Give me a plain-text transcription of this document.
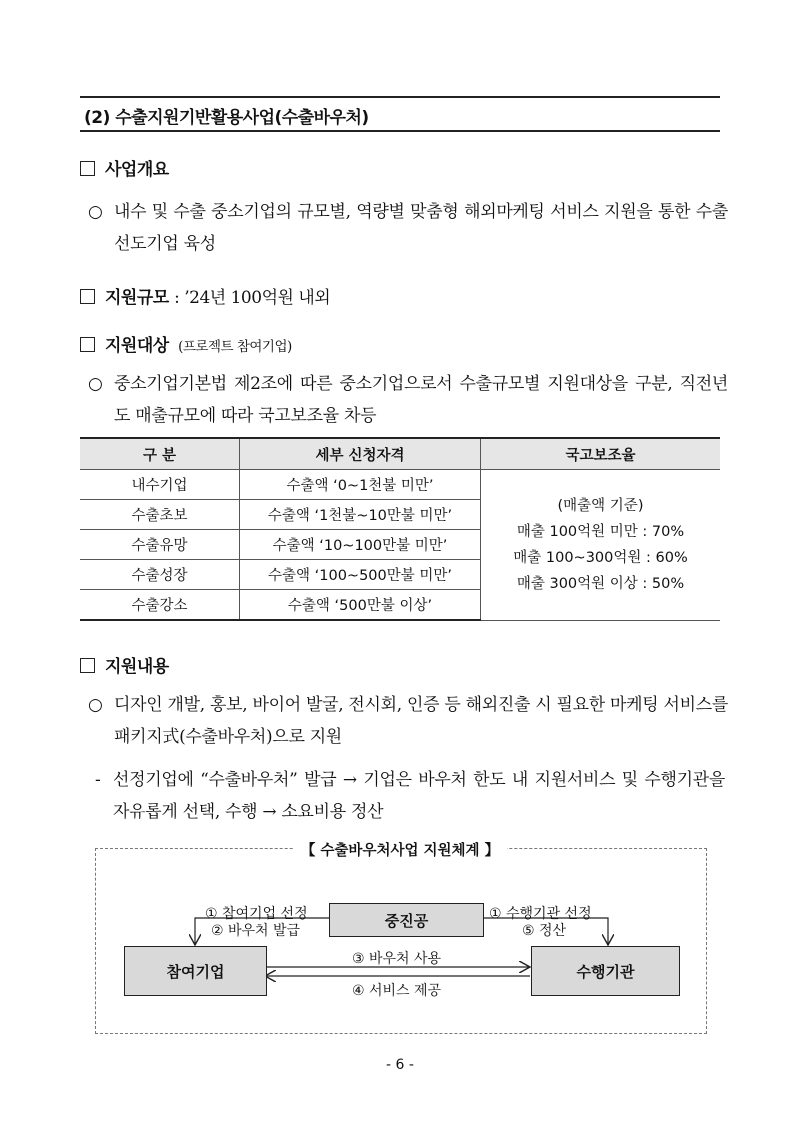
(2) 수출지원기반활용사업(수출바우처)
사업개요
○ 내수 및 수출 중소기업의 규모별, 역량별 맞춤형 해외마케팅 서비스 지원을 통한 수출 선도기업 육성
지원규모 : ’24년 100억원 내외
지원대상 (프로젝트 참여기업)
○ 중소기업기본법 제2조에 따른 중소기업으로서 수출규모별 지원대상을 구분, 직전년도 매출규모에 따라 국고보조율 차등
구 분	세부 신청자격	국고보조율
내수기업	수출액 ‘0~1천불 미만’	(매출액 기준)
매출 100억원 미만 : 70%
매출 100~300억원 : 60%
매출 300억원 이상 : 50%

수출초보	수출액 ‘1천불~10만불 미만’	
수출유망	수출액 ‘10~100만불 미만’	
수출성장	수출액 ‘100~500만불 미만’	
수출강소	수출액 ‘500만불 이상’	
지원내용
○ 디자인 개발, 홍보, 바이어 발굴, 전시회, 인증 등 해외진출 시 필요한 마케팅 서비스를 패키지式(수출바우처)으로 지원
- 선정기업에 “수출바우처” 발급 → 기업은 바우처 한도 내 지원서비스 및 수행기관을 자유롭게 선택, 수행 → 소요비용 정산
【 수출바우처사업 지원체계 】
중진공
참여기업	수행기관
① 참여기업 선정
② 바우처 발급
① 수행기관 선정
⑤ 정산
③ 바우처 사용
④ 서비스 제공
- 6 -
